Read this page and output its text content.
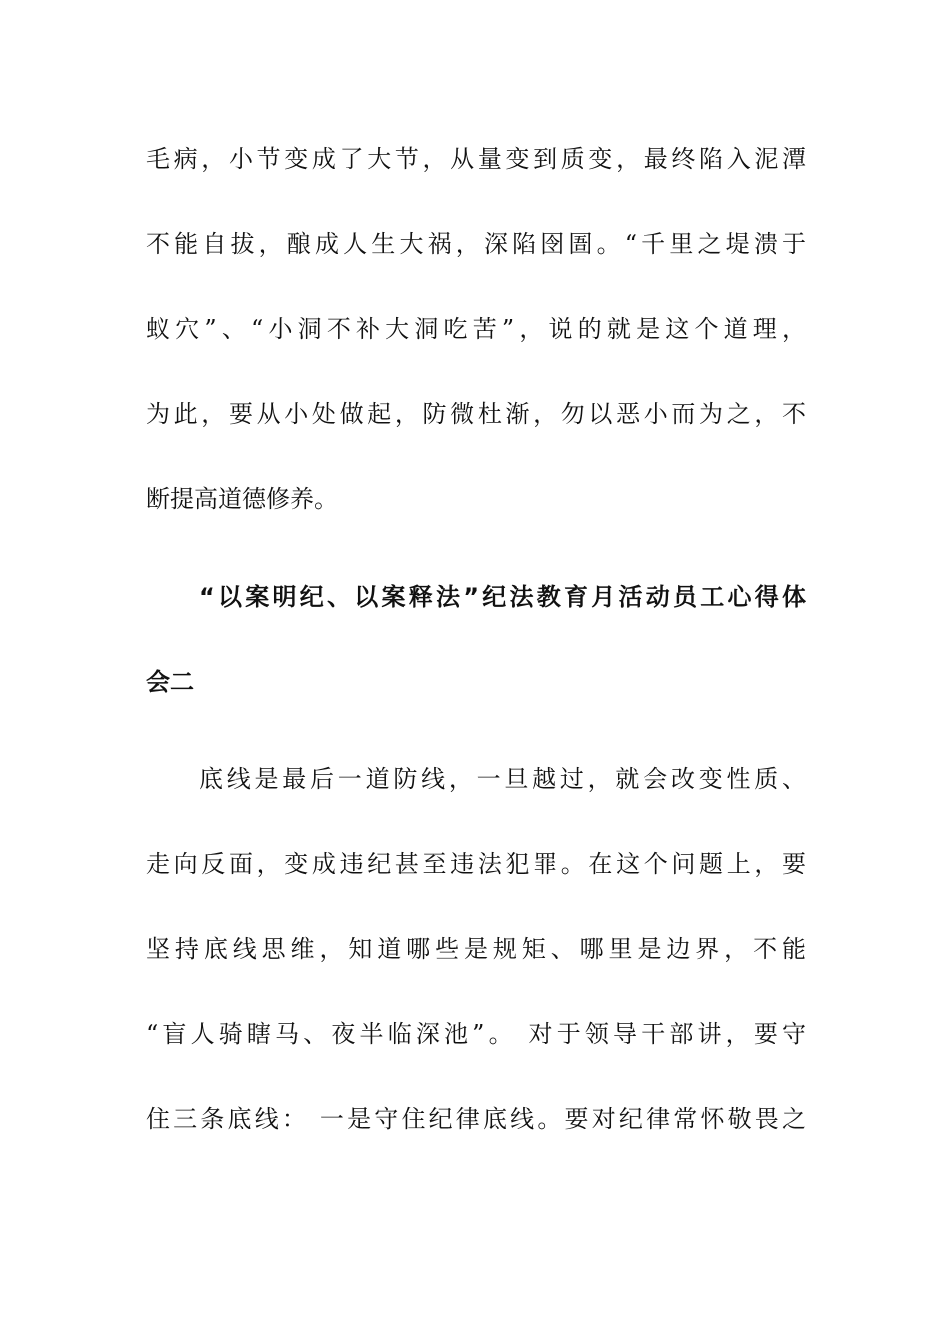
毛病，小节变成了大节，从量变到质变，最终陷入泥潭
不能自拔，酿成人生大祸，深陷囹圄。“千里之堤溃于
蚁穴”、“小洞不补大洞吃苦”，说的就是这个道理，
为此，要从小处做起，防微杜渐，勿以恶小而为之，不
断提高道德修养。
“以案明纪、以案释法”纪法教育月活动员工心得体
会二
底线是最后一道防线，一旦越过，就会改变性质、
走向反面，变成违纪甚至违法犯罪。在这个问题上，要
坚持底线思维，知道哪些是规矩、哪里是边界，不能
“盲人骑瞎马、夜半临深池”。 对于领导干部讲，要守
住三条底线： 一是守住纪律底线。要对纪律常怀敬畏之
